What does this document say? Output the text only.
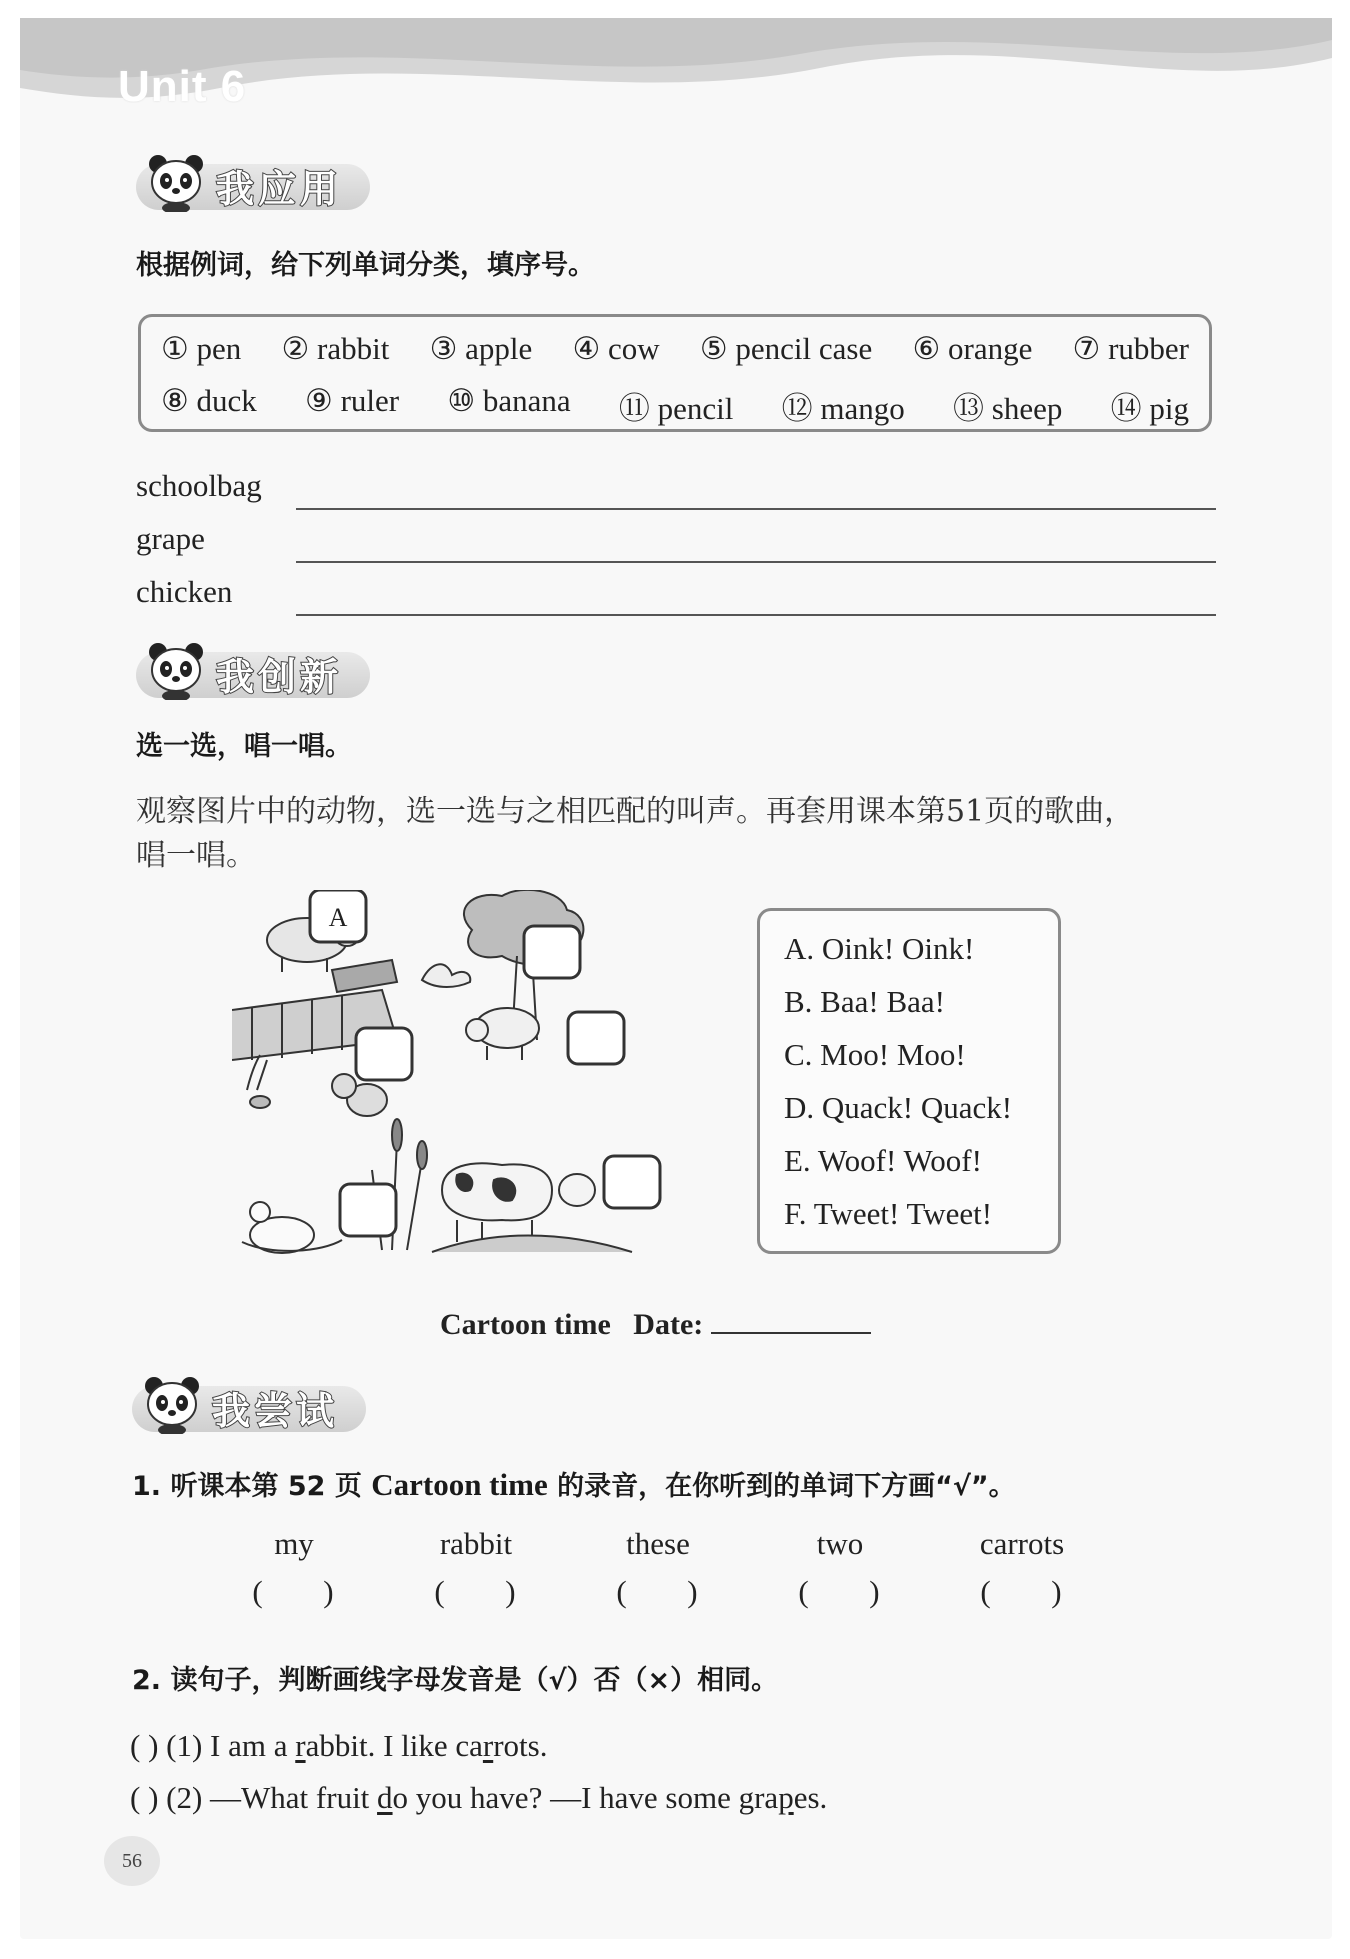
Unit 6
我应用
根据例词，给下列单词分类，填序号。
① pen ② rabbit ③ apple ④ cow ⑤ pencil case ⑥ orange ⑦ rubber
⑧ duck ⑨ ruler ⑩ banana ⑪ pencil ⑫ mango ⑬ sheep ⑭ pig
schoolbag
grape
chicken
我创新
选一选，唱一唱。
观察图片中的动物，选一选与之相匹配的叫声。再套用课本第51页的歌曲，
唱一唱。
A
A. Oink! Oink!
B. Baa! Baa!
C. Moo! Moo!
D. Quack! Quack!
E. Woof! Woof!
F. Tweet! Tweet!
Cartoon time Date:
我尝试
1. 听课本第 52 页 Cartoon time 的录音，在你听到的单词下方画“√”。
my	rabbit	these	two	carrots
(      )	(      )	(      )	(      )	(      )
2. 读句子，判断画线字母发音是（√）否（×）相同。
( ) (1) I am a rabbit. I like carrots.
( ) (2) —What fruit do you have? —I have some grapes.
56
